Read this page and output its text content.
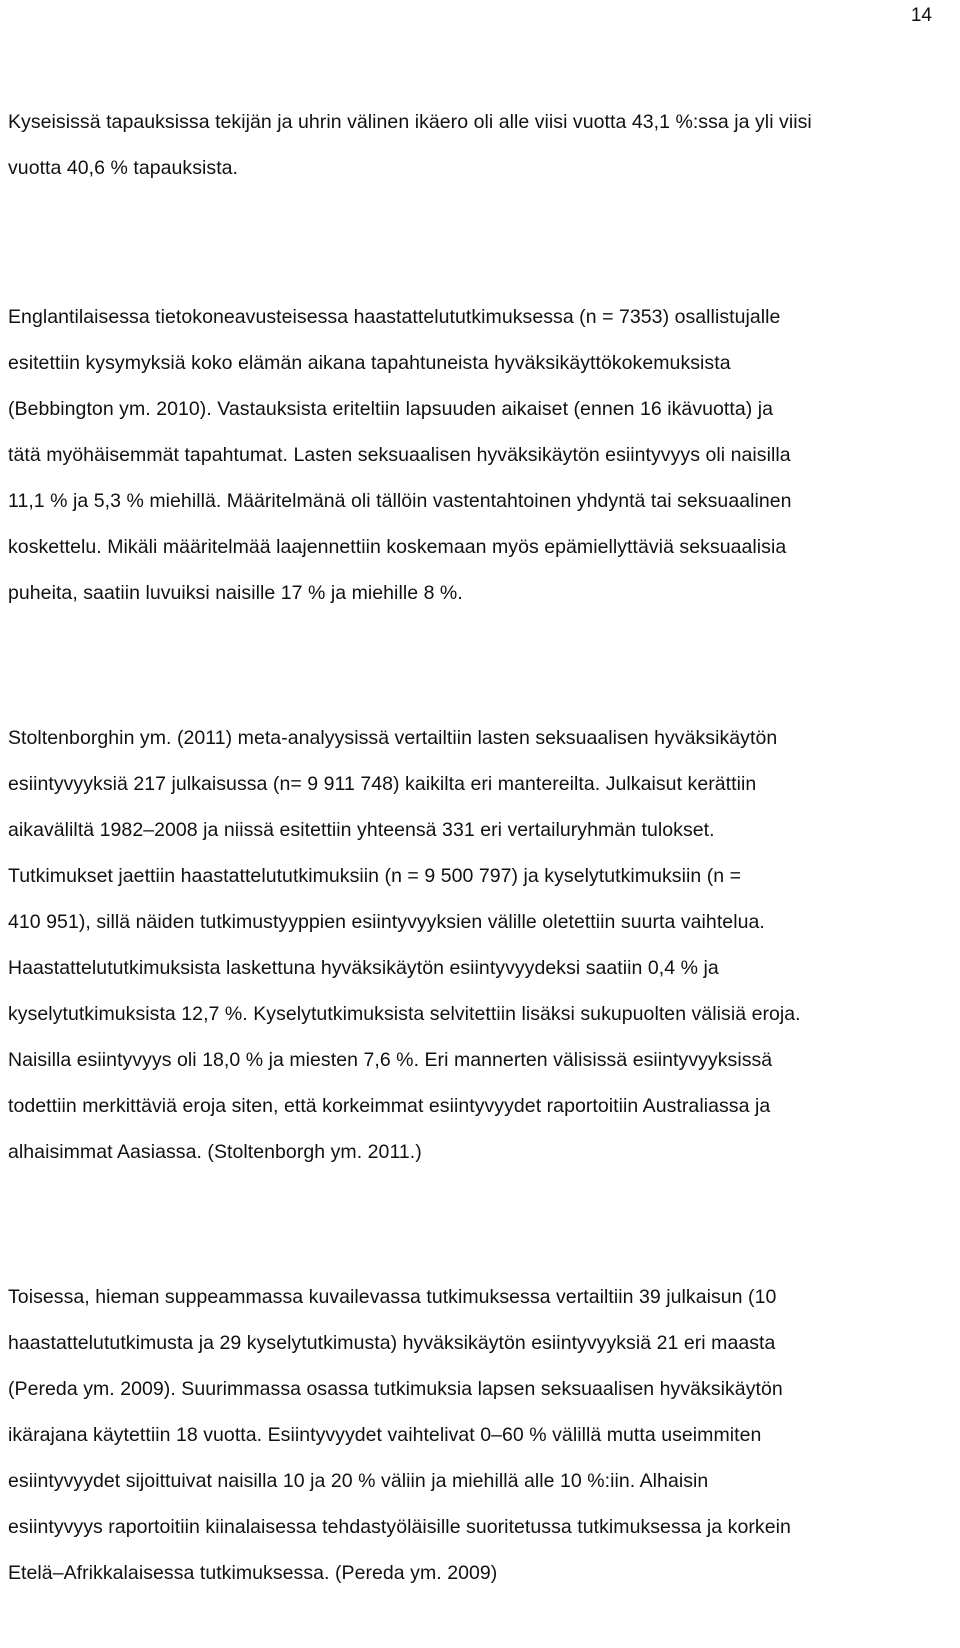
14
Kyseisissä tapauksissa tekijän ja uhrin välinen ikäero oli alle viisi vuotta 43,1 %:ssa ja yli viisi
vuotta 40,6 % tapauksista.
Englantilaisessa tietokoneavusteisessa haastattelututkimuksessa (n = 7353) osallistujalle
esitettiin kysymyksiä koko elämän aikana tapahtuneista hyväksikäyttökokemuksista
(Bebbington ym. 2010). Vastauksista eriteltiin lapsuuden aikaiset (ennen 16 ikävuotta) ja
tätä myöhäisemmät tapahtumat. Lasten seksuaalisen hyväksikäytön esiintyvyys oli naisilla
11,1 % ja 5,3 % miehillä. Määritelmänä oli tällöin vastentahtoinen yhdyntä tai seksuaalinen
koskettelu. Mikäli määritelmää laajennettiin koskemaan myös epämiellyttäviä seksuaalisia
puheita, saatiin luvuiksi naisille 17 % ja miehille 8 %.
Stoltenborghin ym. (2011) meta-analyysissä vertailtiin lasten seksuaalisen hyväksikäytön
esiintyvyyksiä 217 julkaisussa (n= 9 911 748) kaikilta eri mantereilta. Julkaisut kerättiin
aikaväliltä 1982–2008 ja niissä esitettiin yhteensä 331 eri vertailuryhmän tulokset.
Tutkimukset jaettiin haastattelututkimuksiin (n = 9 500 797) ja kyselytutkimuksiin (n =
410 951), sillä näiden tutkimustyyppien esiintyvyyksien välille oletettiin suurta vaihtelua.
Haastattelututkimuksista laskettuna hyväksikäytön esiintyvyydeksi saatiin 0,4 % ja
kyselytutkimuksista 12,7 %. Kyselytutkimuksista selvitettiin lisäksi sukupuolten välisiä eroja.
Naisilla esiintyvyys oli 18,0 % ja miesten 7,6 %. Eri mannerten välisissä esiintyvyyksissä
todettiin merkittäviä eroja siten, että korkeimmat esiintyvyydet raportoitiin Australiassa ja
alhaisimmat Aasiassa. (Stoltenborgh ym. 2011.)
Toisessa, hieman suppeammassa kuvailevassa tutkimuksessa vertailtiin 39 julkaisun (10
haastattelututkimusta ja 29 kyselytutkimusta) hyväksikäytön esiintyvyyksiä 21 eri maasta
(Pereda ym. 2009). Suurimmassa osassa tutkimuksia lapsen seksuaalisen hyväksikäytön
ikärajana käytettiin 18 vuotta. Esiintyvyydet vaihtelivat 0–60 % välillä mutta useimmiten
esiintyvyydet sijoittuivat naisilla 10 ja 20 % väliin ja miehillä alle 10 %:iin. Alhaisin
esiintyvyys raportoitiin kiinalaisessa tehdastyöläisille suoritetussa tutkimuksessa ja korkein
Etelä–Afrikkalaisessa tutkimuksessa. (Pereda ym. 2009)
